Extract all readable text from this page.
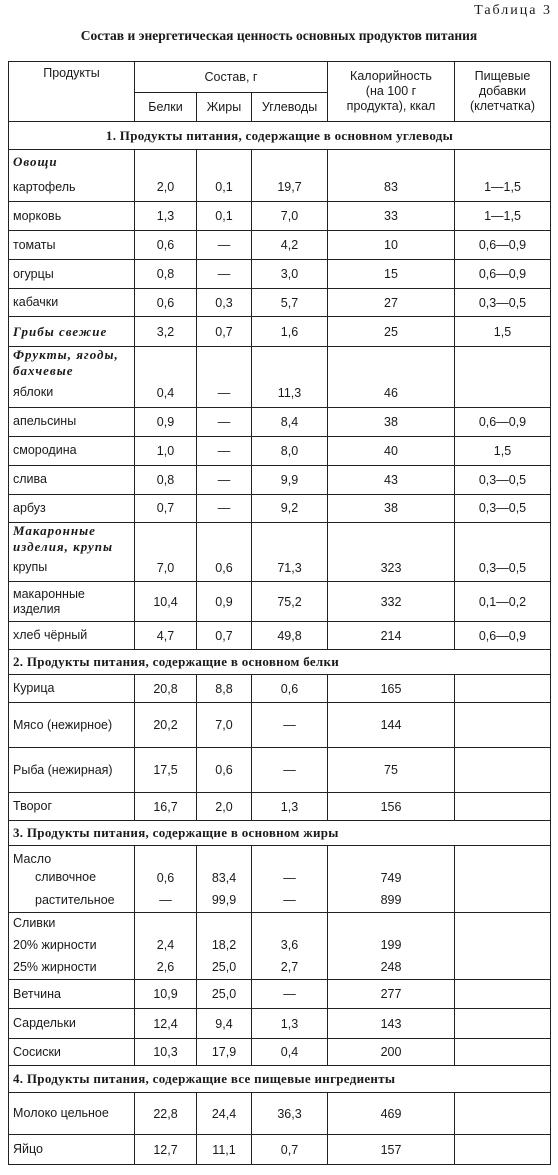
Таблица 3
Состав и энергетическая ценность основных продуктов питания
Продукты	Состав, г			Калорийность (на 100 г продукта), ккал	Пищевые добавки (клетчатка)
	Белки	Жиры	Углеводы		
1. Продукты питания, содержащие в основном углеводы					
Овощи					
картофель	2,0	0,1	19,7	83	1—1,5
морковь	1,3	0,1	7,0	33	1—1,5
томаты	0,6	—	4,2	10	0,6—0,9
огурцы	0,8	—	3,0	15	0,6—0,9
кабачки	0,6	0,3	5,7	27	0,3—0,5
Грибы свежие	3,2	0,7	1,6	25	1,5
Фрукты, ягоды, бахчевые					
яблоки	0,4	—	11,3	46	
апельсины	0,9	—	8,4	38	0,6—0,9
смородина	1,0	—	8,0	40	1,5
слива	0,8	—	9,9	43	0,3—0,5
арбуз	0,7	—	9,2	38	0,3—0,5
Макаронные изделия, крупы					
крупы	7,0	0,6	71,3	323	0,3—0,5
макаронные изделия	10,4	0,9	75,2	332	0,1—0,2
хлеб чёрный	4,7	0,7	49,8	214	0,6—0,9
2. Продукты питания, содержащие в основном белки					
Курица	20,8	8,8	0,6	165	
Мясо (нежирное)	20,2	7,0	—	144	
Рыба (нежирная)	17,5	0,6	—	75	
Творог	16,7	2,0	1,3	156	
3. Продукты питания, содержащие в основном жиры					
Масло					
сливочное	0,6	83,4	—	749	
растительное	—	99,9	—	899	
Сливки					
20% жирности	2,4	18,2	3,6	199	
25% жирности	2,6	25,0	2,7	248	
Ветчина	10,9	25,0	—	277	
Сардельки	12,4	9,4	1,3	143	
Сосиски	10,3	17,9	0,4	200	
4. Продукты питания, содержащие все пищевые ингредиенты					
Молоко цельное	22,8	24,4	36,3	469	
Яйцо	12,7	11,1	0,7	157	
